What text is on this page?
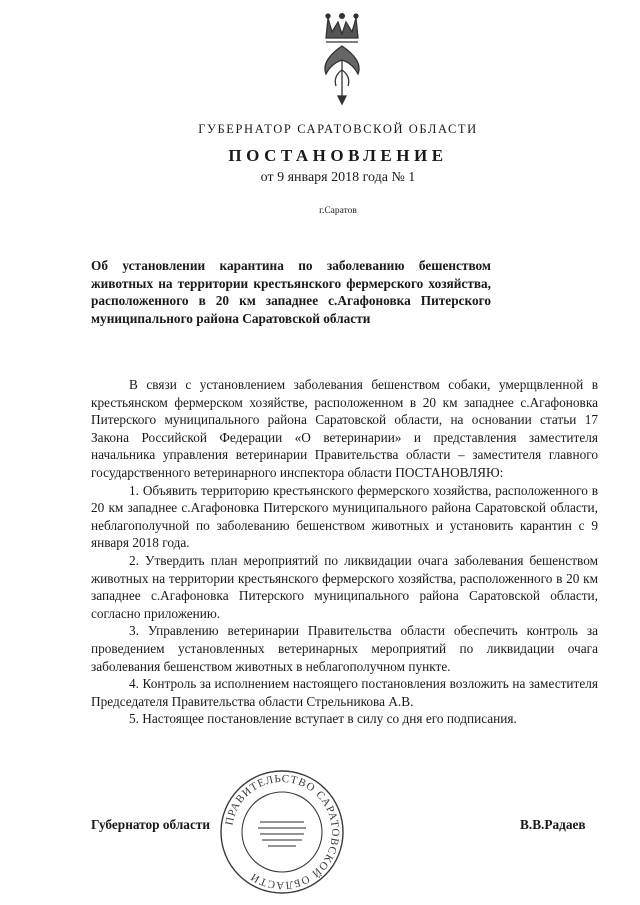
ГУБЕРНАТОР САРАТОВСКОЙ ОБЛАСТИ
ПОСТАНОВЛЕНИЕ
от 9 января 2018 года № 1
г.Саратов
Об установлении карантина по заболеванию бешенством животных на территории крестьянского фермерского хозяйства, расположенного в 20 км западнее с.Агафоновка Питерского муниципального района Саратовской области

В связи с установлением заболевания бешенством собаки, умерщвленной в крестьянском фермерском хозяйстве, расположенном в 20 км западнее с.Агафоновка Питерского муниципального района Саратовской области, на основании статьи 17 Закона Российской Федерации «О ветеринарии» и представления заместителя начальника управления ветеринарии Правительства области – заместителя главного государственного ветеринарного инспектора области ПОСТАНОВЛЯЮ:

1. Объявить территорию крестьянского фермерского хозяйства, расположенного в 20 км западнее с.Агафоновка Питерского муниципального района Саратовской области, неблагополучной по заболеванию бешенством животных и установить карантин с 9 января 2018 года.

2. Утвердить план мероприятий по ликвидации очага заболевания бешенством животных на территории крестьянского фермерского хозяйства, расположенного в 20 км западнее с.Агафоновка Питерского муниципального района Саратовской области, согласно приложению.

3. Управлению ветеринарии Правительства области обеспечить контроль за проведением установленных ветеринарных мероприятий по ликвидации очага заболевания бешенством животных в неблагополучном пункте.

4. Контроль за исполнением настоящего постановления возложить на заместителя Председателя Правительства области Стрельникова А.В.

5. Настоящее постановление вступает в силу со дня его подписания.

ПРАВИТЕЛЬСТВО САРАТОВСКОЙ ОБЛАСТИ
Губернатор области	В.В.Радаев
